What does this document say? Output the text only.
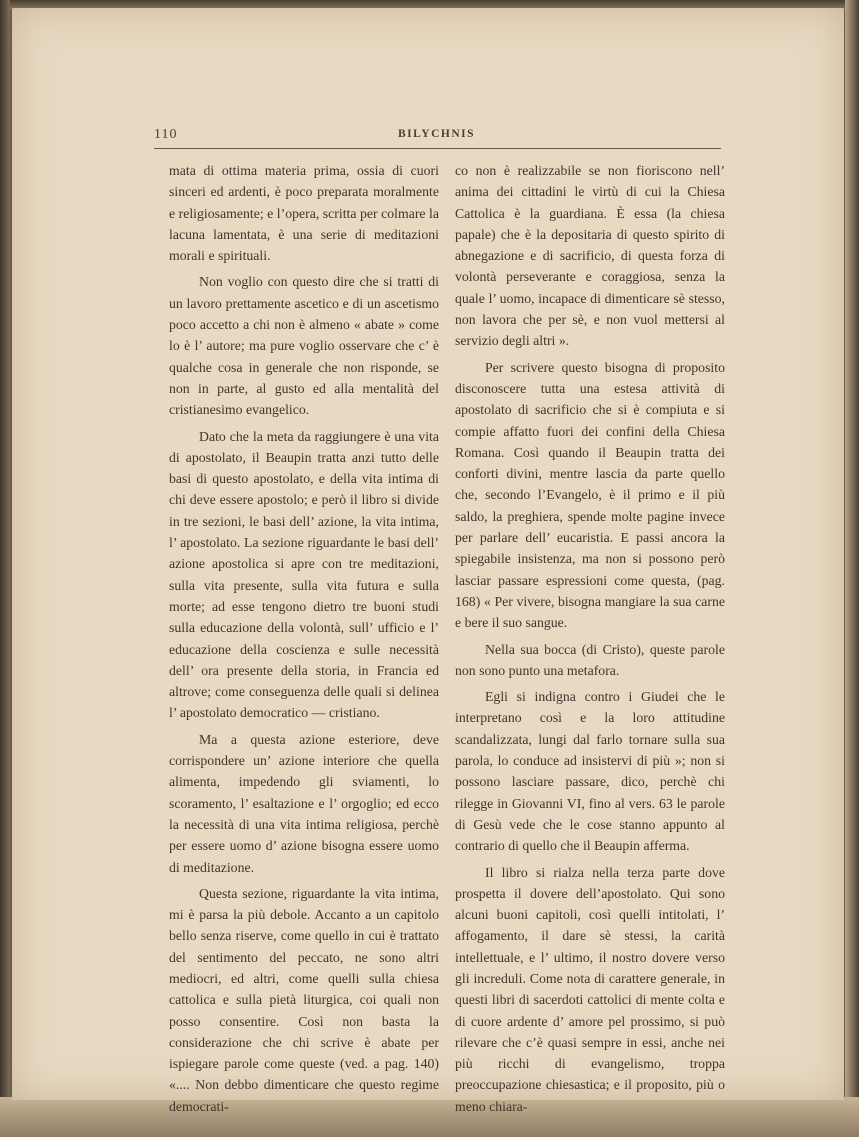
110	BILYCHNIS

mata di ottima materia prima, ossia di cuori sinceri ed ardenti, è poco preparata moralmente e religiosamente; e l’opera, scritta per colmare la lacuna lamentata, è una serie di meditazioni morali e spirituali.

Non voglio con questo dire che si tratti di un lavoro prettamente ascetico e di un ascetismo poco accetto a chi non è almeno « abate » come lo è l’ autore; ma pure voglio osservare che c’ è qualche cosa in generale che non risponde, se non in parte, al gusto ed alla mentalità del cristianesimo evangelico.

Dato che la meta da raggiungere è una vita di apostolato, il Beaupin tratta anzi tutto delle basi di questo apostolato, e della vita intima di chi deve essere apostolo; e però il libro si divide in tre sezioni, le basi dell’ azione, la vita intima, l’ apostolato. La sezione riguardante le basi dell’ azione apostolica si apre con tre meditazioni, sulla vita presente, sulla vita futura e sulla morte; ad esse tengono dietro tre buoni studi sulla educazione della volontà, sull’ ufficio e l’ educazione della coscienza e sulle necessità dell’ ora presente della storia, in Francia ed altrove; come conseguenza delle quali si delinea l’ apostolato democratico — cristiano.

Ma a questa azione esteriore, deve corrispondere un’ azione interiore che quella alimenta, impedendo gli sviamenti, lo scoramento, l’ esaltazione e l’ orgoglio; ed ecco la necessità di una vita intima religiosa, perchè per essere uomo d’ azione bisogna essere uomo di meditazione.

Questa sezione, riguardante la vita intima, mi è parsa la più debole. Accanto a un capitolo bello senza riserve, come quello in cui è trattato del sentimento del peccato, ne sono altri mediocri, ed altri, come quelli sulla chiesa cattolica e sulla pietà liturgica, coi quali non posso consentire. Così non basta la considerazione che chi scrive è abate per ispiegare parole come queste (ved. a pag. 140) «.... Non debbo dimenticare che questo regime democrati-

co non è realizzabile se non fioriscono nell’ anima dei cittadini le virtù di cui la Chiesa Cattolica è la guardiana. È essa (la chiesa papale) che è la depositaria di questo spirito di abnegazione e di sacrificio, di questa forza di volontà perseverante e coraggiosa, senza la quale l’ uomo, incapace di dimenticare sè stesso, non lavora che per sè, e non vuol mettersi al servizio degli altri ».

Per scrivere questo bisogna di proposito disconoscere tutta una estesa attività di apostolato di sacrificio che si è compiuta e si compie affatto fuori dei confini della Chiesa Romana. Così quando il Beaupin tratta dei conforti divini, mentre lascia da parte quello che, secondo l’Evangelo, è il primo e il più saldo, la preghiera, spende molte pagine invece per parlare dell’ eucaristia. E passi ancora la spiegabile insistenza, ma non si possono però lasciar passare espressioni come questa, (pag. 168) « Per vivere, bisogna mangiare la sua carne e bere il suo sangue.

Nella sua bocca (di Cristo), queste parole non sono punto una metafora.

Egli si indigna contro i Giudei che le interpretano così e la loro attitudine scandalizzata, lungi dal farlo tornare sulla sua parola, lo conduce ad insistervi di più »; non si possono lasciare passare, dico, perchè chi rilegge in Giovanni VI, fino al vers. 63 le parole di Gesù vede che le cose stanno appunto al contrario di quello che il Beaupin afferma.

Il libro si rialza nella terza parte dove prospetta il dovere dell’apostolato. Qui sono alcuni buoni capitoli, così quelli intitolati, l’ affogamento, il dare sè stessi, la carità intellettuale, e l’ ultimo, il nostro dovere verso gli increduli. Come nota di carattere generale, in questi libri di sacerdoti cattolici di mente colta e di cuore ardente d’ amore pel prossimo, si può rilevare che c’è quasi sempre in essi, anche nei più ricchi di evangelismo, troppa preoccupazione chiesastica; e il proposito, più o meno chiara-
